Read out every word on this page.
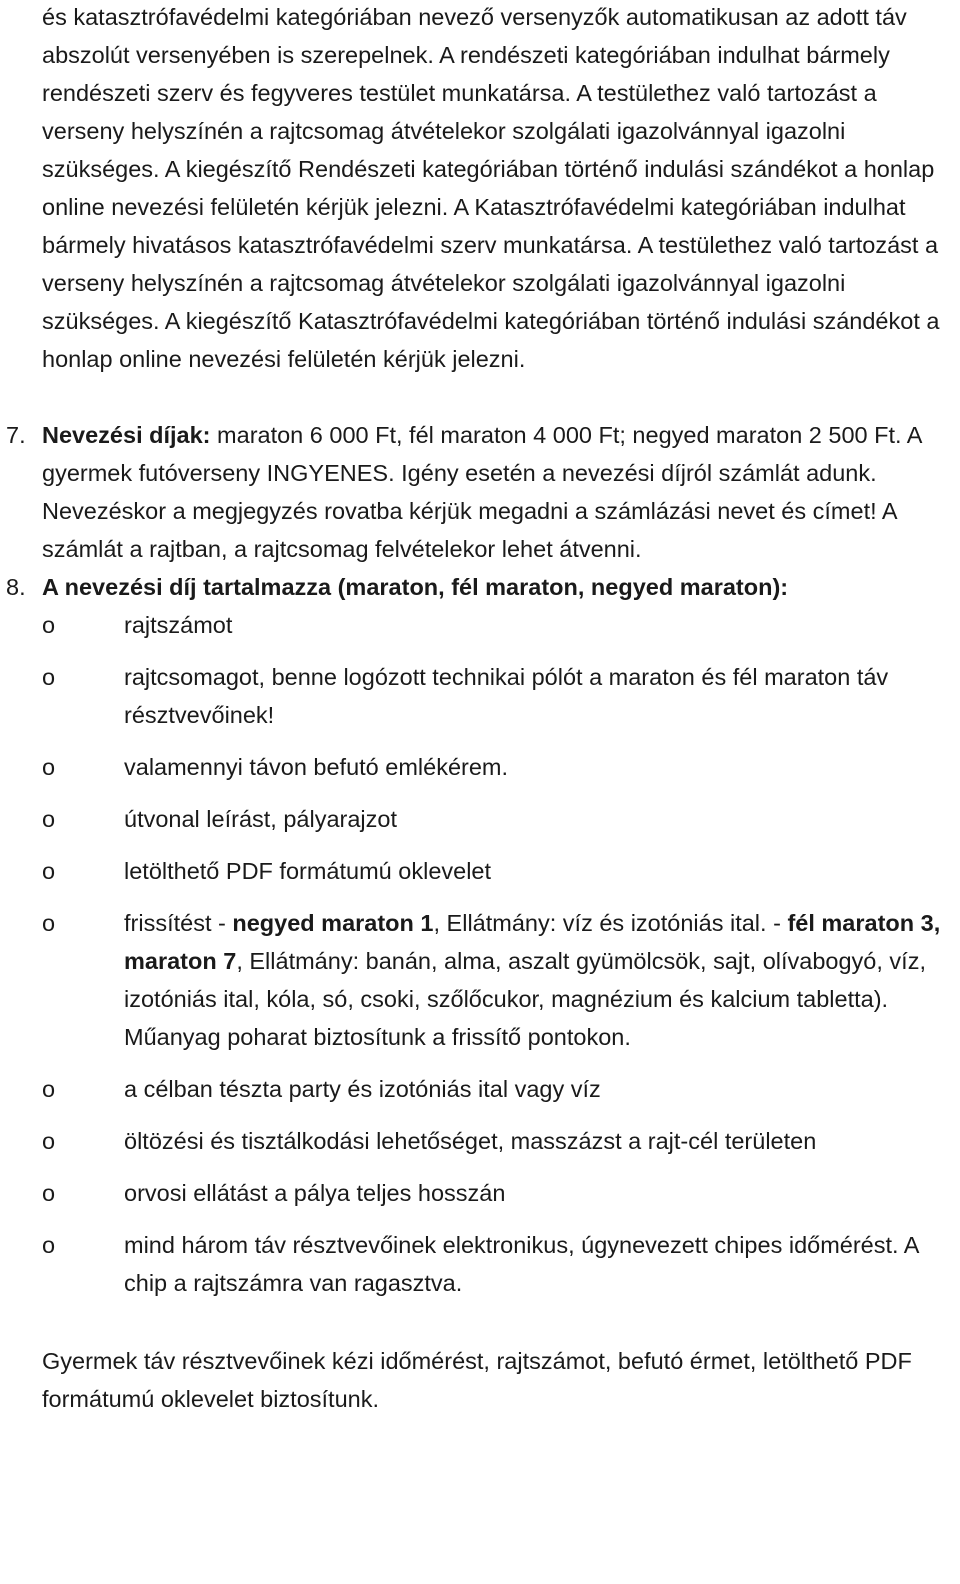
és katasztrófavédelmi kategóriában nevező versenyzők automatikusan az adott táv abszolút versenyében is szerepelnek. A rendészeti kategóriában indulhat bármely rendészeti szerv és fegyveres testület munkatársa. A testülethez való tartozást a verseny helyszínén a rajtcsomag átvételekor szolgálati igazolvánnyal igazolni szükséges. A kiegészítő Rendészeti kategóriában történő indulási szándékot a honlap online nevezési felületén kérjük jelezni. A Katasztrófavédelmi kategóriában indulhat bármely hivatásos katasztrófavédelmi szerv munkatársa. A testülethez való tartozást a verseny helyszínén a rajtcsomag átvételekor szolgálati igazolvánnyal igazolni szükséges. A kiegészítő Katasztrófavédelmi kategóriában történő indulási szándékot a honlap online nevezési felületén kérjük jelezni.

7. Nevezési díjak: maraton 6 000 Ft, fél maraton 4 000 Ft; negyed maraton 2 500 Ft. A gyermek futóverseny INGYENES. Igény esetén a nevezési díjról számlát adunk. Nevezéskor a megjegyzés rovatba kérjük megadni a számlázási nevet és címet! A számlát a rajtban, a rajtcsomag felvételekor lehet átvenni.
8. A nevezési díj tartalmazza (maraton, fél maraton, negyed maraton):
o	rajtszámot
o	rajtcsomagot, benne logózott technikai pólót a maraton és fél maraton táv résztvevőinek!
o	valamennyi távon befutó emlékérem.
o	útvonal leírást, pályarajzot
o	letölthető PDF formátumú oklevelet
o	frissítést - negyed maraton 1, Ellátmány: víz és izotóniás ital. - fél maraton 3, maraton 7, Ellátmány: banán, alma, aszalt gyümölcsök, sajt, olívabogyó, víz, izotóniás ital, kóla, só, csoki, szőlőcukor, magnézium és kalcium tabletta). Műanyag poharat biztosítunk a frissítő pontokon.
o	a célban tészta party és izotóniás ital vagy víz
o	öltözési és tisztálkodási lehetőséget, masszázst a rajt-cél területen
o	orvosi ellátást a pálya teljes hosszán
o	mind három táv résztvevőinek elektronikus, úgynevezett chipes időmérést. A chip a rajtszámra van ragasztva.

Gyermek táv résztvevőinek kézi időmérést, rajtszámot, befutó érmet, letölthető PDF formátumú oklevelet biztosítunk.
